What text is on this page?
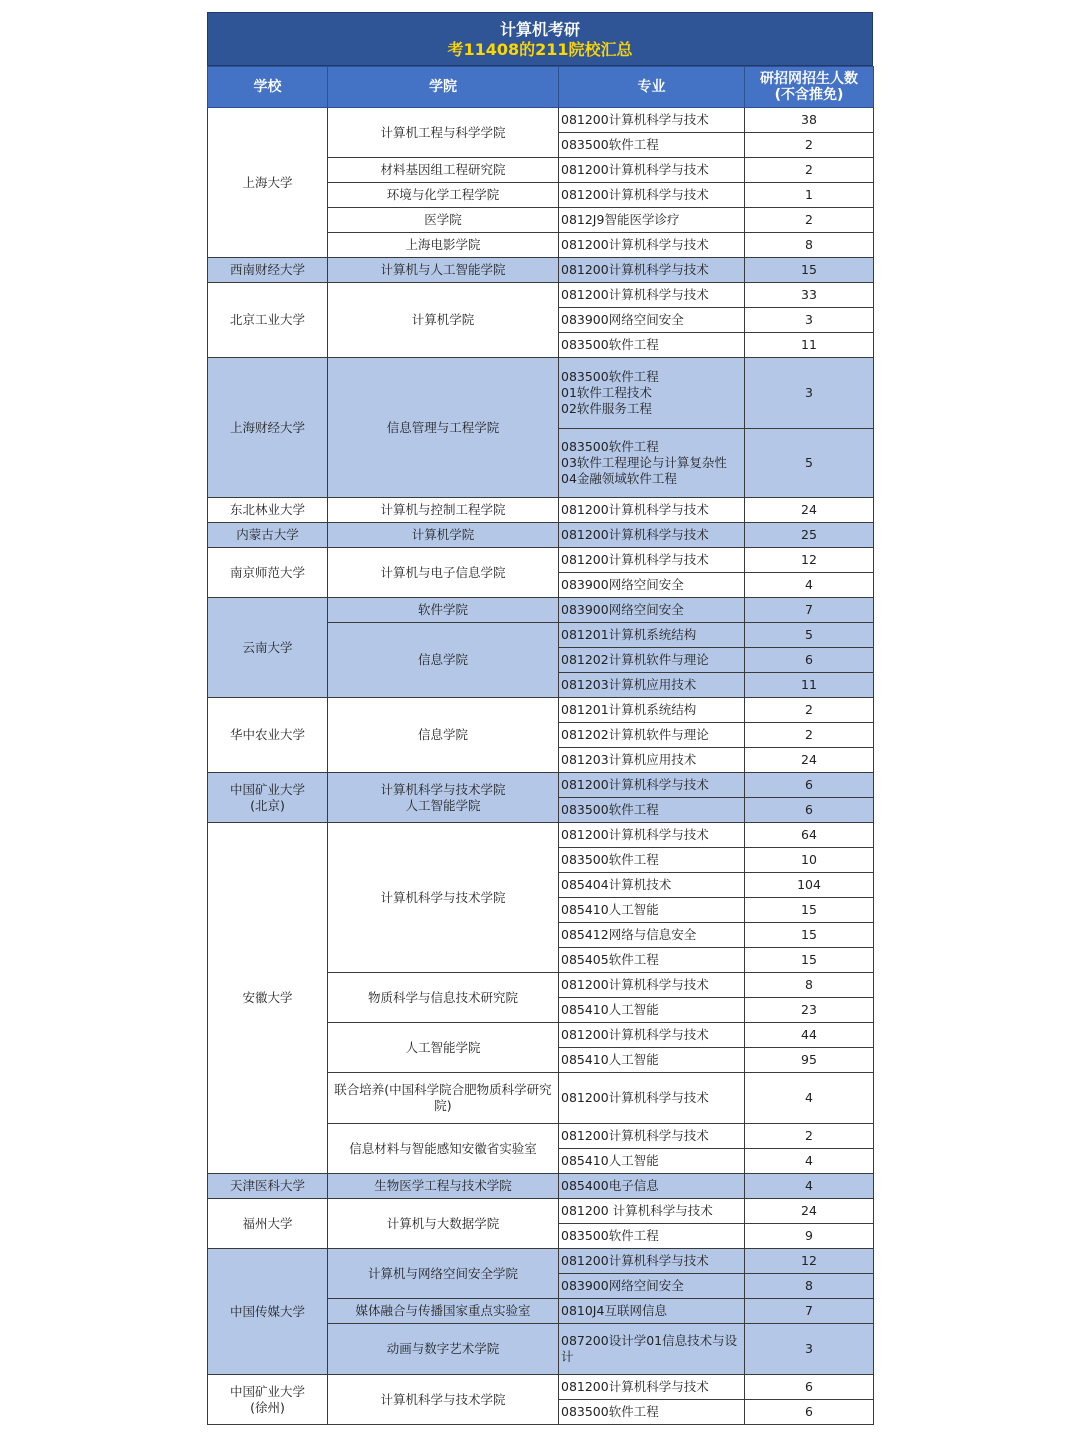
计算机考研
考11408的211院校汇总
学校	学院	专业	研招网招生人数
(不含推免)
上海大学	计算机工程与科学学院	081200计算机科学与技术	38
		083500软件工程	2
	材料基因组工程研究院	081200计算机科学与技术	2
	环境与化学工程学院	081200计算机科学与技术	1
	医学院	0812J9智能医学诊疗	2
	上海电影学院	081200计算机科学与技术	8
西南财经大学	计算机与人工智能学院	081200计算机科学与技术	15
北京工业大学	计算机学院	081200计算机科学与技术	33
		083900网络空间安全	3
		083500软件工程	11
上海财经大学	信息管理与工程学院	083500软件工程
01软件工程技术
02软件服务工程	3
		083500软件工程
03软件工程理论与计算复杂性
04金融领域软件工程	5
东北林业大学	计算机与控制工程学院	081200计算机科学与技术	24
内蒙古大学	计算机学院	081200计算机科学与技术	25
南京师范大学	计算机与电子信息学院	081200计算机科学与技术	12
		083900网络空间安全	4
云南大学	软件学院	083900网络空间安全	7
	信息学院	081201计算机系统结构	5
		081202计算机软件与理论	6
		081203计算机应用技术	11
华中农业大学	信息学院	081201计算机系统结构	2
		081202计算机软件与理论	2
		081203计算机应用技术	24
中国矿业大学
(北京)	计算机科学与技术学院
人工智能学院	081200计算机科学与技术	6
		083500软件工程	6
安徽大学	计算机科学与技术学院	081200计算机科学与技术	64
		083500软件工程	10
		085404计算机技术	104
		085410人工智能	15
		085412网络与信息安全	15
		085405软件工程	15
	物质科学与信息技术研究院	081200计算机科学与技术	8
		085410人工智能	23
	人工智能学院	081200计算机科学与技术	44
		085410人工智能	95
	联合培养(中国科学院合肥物质科学研究院)	081200计算机科学与技术	4
	信息材料与智能感知安徽省实验室	081200计算机科学与技术	2
		085410人工智能	4
天津医科大学	生物医学工程与技术学院	085400电子信息	4
福州大学	计算机与大数据学院	081200 计算机科学与技术	24
		083500软件工程	9
中国传媒大学	计算机与网络空间安全学院	081200计算机科学与技术	12
		083900网络空间安全	8
	媒体融合与传播国家重点实验室	0810J4互联网信息	7
	动画与数字艺术学院	087200设计学01信息技术与设计	3
中国矿业大学
(徐州)	计算机科学与技术学院	081200计算机科学与技术	6
		083500软件工程	6
